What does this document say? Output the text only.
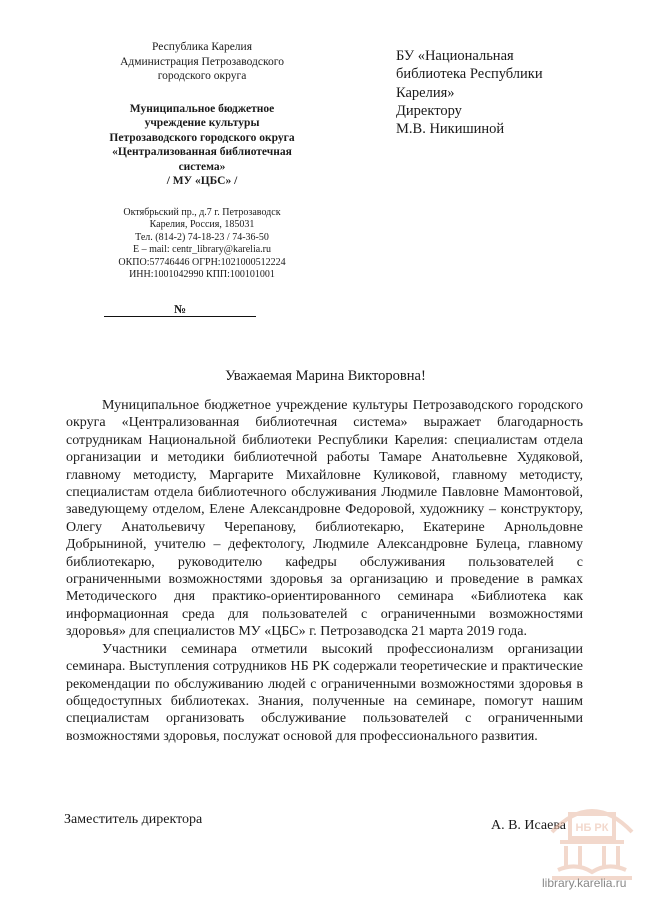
Республика Карелия
Администрация Петрозаводского
городского округа
Муниципальное бюджетное
учреждение культуры
Петрозаводского городского округа
«Централизованная библиотечная
система»
/ МУ «ЦБС» /
Октябрьский пр., д.7 г. Петрозаводск
Карелия, Россия, 185031
Тел. (814-2) 74-18-23 / 74-36-50
E – mail: centr_library@karelia.ru
ОКПО:57746446 ОГРН:1021000512224
ИНН:1001042990 КПП:100101001
№
БУ «Национальная
библиотека Республики
Карелия»
Директору
М.В. Никишиной
Уважаемая Марина Викторовна!

Муниципальное бюджетное учреждение культуры Петрозаводского городского округа «Централизованная библиотечная система» выражает благодарность сотрудникам Национальной библиотеки Республики Карелия: специалистам отдела организации и методики библиотечной работы Тамаре Анатольевне Худяковой, главному методисту, Маргарите Михайловне Куликовой, главному методисту, специалистам отдела библиотечного обслуживания Людмиле Павловне Мамонтовой, заведующему отделом, Елене Александровне Федоровой, художнику – конструктору, Олегу Анатольевичу Черепанову, библиотекарю, Екатерине Арнольдовне Добрыниной, учителю – дефектологу, Людмиле Александровне Булеца, главному библиотекарю, руководителю кафедры обслуживания пользователей с ограниченными возможностями здоровья за организацию и проведение в рамках Методического дня практико-ориентированного семинара «Библиотека как информационная среда для пользователей с ограниченными возможностями здоровья» для специалистов МУ «ЦБС» г. Петрозаводска 21 марта 2019 года.

Участники семинара отметили высокий профессионализм организации семинара. Выступления сотрудников НБ РК содержали теоретические и практические рекомендации по обслуживанию людей с ограниченными возможностями здоровья в общедоступных библиотеках. Знания, полученные на семинаре, помогут нашим специалистам организовать обслуживание пользователей с ограниченными возможностями здоровья, послужат основой для профессионального развития.

Заместитель директора	А. В. Исаева НБ РК
library.karelia.ru
